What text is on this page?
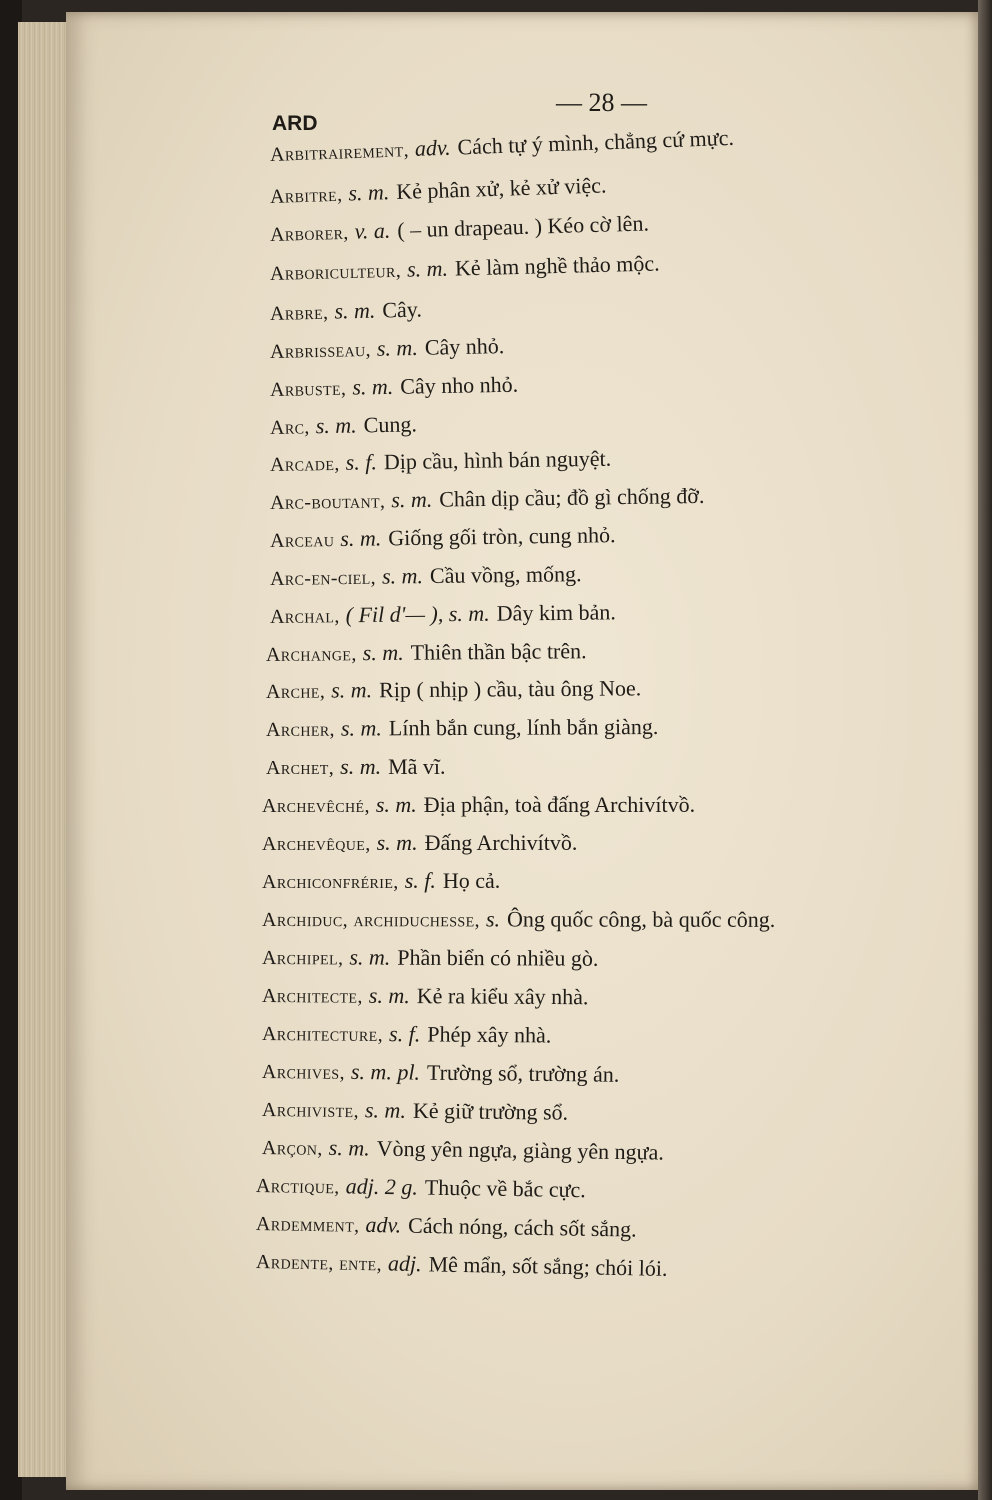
ARD
— 28 —
Arbitrairement, adv. Cách tự ý mình, chẳng cứ mực.
Arbitre, s. m. Kẻ phân xử, kẻ xử việc.
Arborer, v. a. ( – un drapeau. ) Kéo cờ lên.
Arboriculteur, s. m. Kẻ làm nghề thảo mộc.
Arbre, s. m. Cây.
Arbrisseau, s. m. Cây nhỏ.
Arbuste, s. m. Cây nho nhỏ.
Arc, s. m. Cung.
Arcade, s. f. Dịp cầu, hình bán nguyệt.
Arc-boutant, s. m. Chân dịp cầu; đồ gì chống đỡ.
Arceau s. m. Giống gối tròn, cung nhỏ.
Arc-en-ciel, s. m. Cầu vồng, mống.
Archal, ( Fil d'— ), s. m. Dây kim bản.
Archange, s. m. Thiên thần bậc trên.
Arche, s. m. Rịp ( nhịp ) cầu, tàu ông Noe.
Archer, s. m. Lính bắn cung, lính bắn giàng.
Archet, s. m. Mã vĩ.
Archevêché, s. m. Địa phận, toà đấng Archivítvồ.
Archevêque, s. m. Đấng Archivítvồ.
Archiconfrérie, s. f. Họ cả.
Archiduc, archiduchesse, s. Ông quốc công, bà quốc công.
Archipel, s. m. Phần biển có nhiều gò.
Architecte, s. m. Kẻ ra kiểu xây nhà.
Architecture, s. f. Phép xây nhà.
Archives, s. m. pl. Trường sổ, trường án.
Archiviste, s. m. Kẻ giữ trường sổ.
Arçon, s. m. Vòng yên ngựa, giàng yên ngựa.
Arctique, adj. 2 g. Thuộc về bắc cực.
Ardemment, adv. Cách nóng, cách sốt sắng.
Ardente, ente, adj. Mê mẩn, sốt sắng; chói lói.
